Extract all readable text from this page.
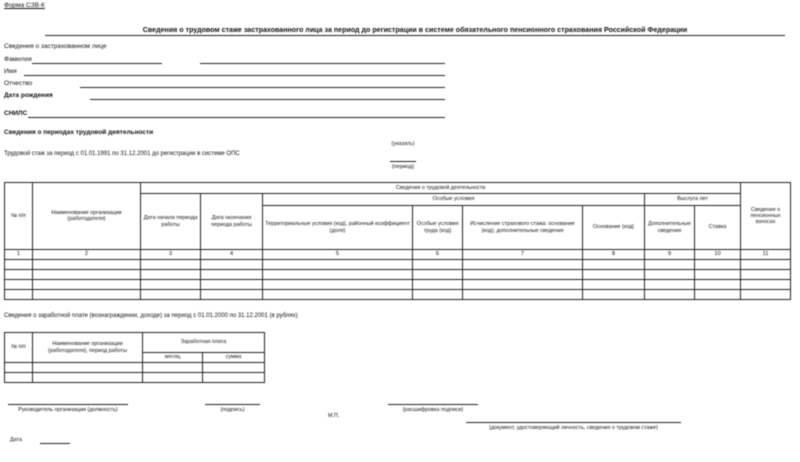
Форма СЗВ-К
Сведения о трудовом стаже застрахованного лица за период до регистрации в системе обязательного пенсионного страхования Российской Федерации
Сведения о застрахованном лице
Фамилия
Имя
Отчество
Дата рождения
СНИЛС
Сведения о периодах трудовой деятельности
Трудовой стаж за период с 01.01.1991 по 31.12.2001 до регистрации в системе ОПС
(указать)
(период)
№ п/п	Наименование организации (работодателя)	Сведения о трудовой деятельности								Сведения о пенсионных взносах
		Дата начала периода работы	Дата окончания периода работы	Особые условия				Выслуга лет		
				Территориальные условия (код), районный коэффициент (доля)	Особые условия труда (код)	Исчисление страхового стажа: основание (код), дополнительные сведения	Основание (код)	Дополнительные сведения	Ставка	
1	2	3	4	5	6	7	8	9	10	11

Сведения о заработной плате (вознаграждении, доходе) за период с 01.01.2000 по 31.12.2001 (в рублях)
№ п/п	Наименование организации (работодателя), период работы	Заработная плата	
		месяц	сумма

Руководитель организации (должность)	(подпись)
М.П.
(расшифровка подписи)
(документ, удостоверяющий личность, сведения о трудовом стаже)
Дата
